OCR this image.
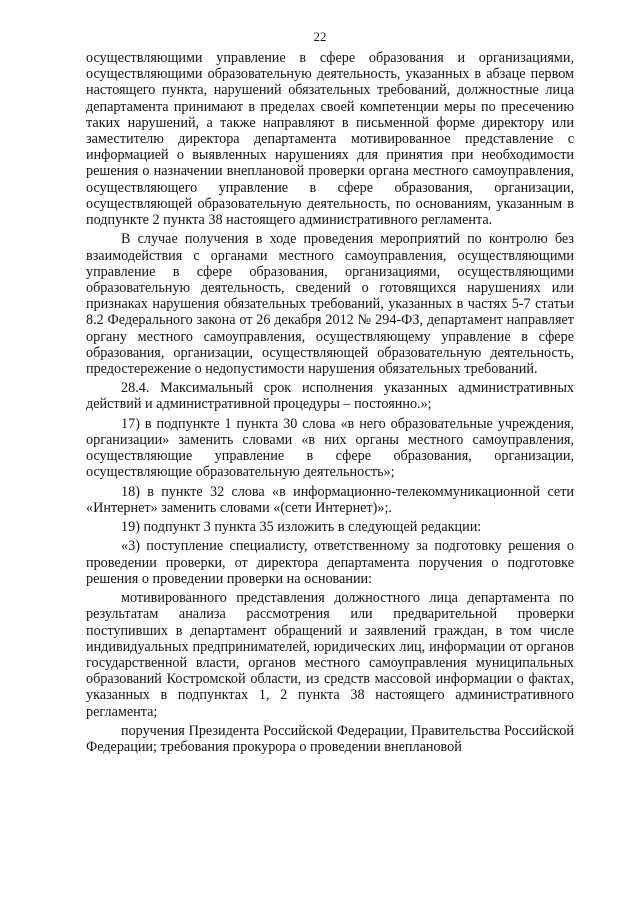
22

осуществляющими управление в сфере образования и организациями, осуществляющими образовательную деятельность, указанных в абзаце первом настоящего пункта, нарушений обязательных требований, должностные лица департамента принимают в пределах своей компетенции меры по пресечению таких нарушений, а также направляют в письменной форме директору или заместителю директора департамента мотивированное представление с информацией о выявленных нарушениях для принятия при необходимости решения о назначении внеплановой проверки органа местного самоуправления, осуществляющего управление в сфере образования, организации, осуществляющей образовательную деятельность, по основаниям, указанным в подпункте 2 пункта 38 настоящего административного регламента.

В случае получения в ходе проведения мероприятий по контролю без взаимодействия с органами местного самоуправления, осуществляющими управление в сфере образования, организациями, осуществляющими образовательную деятельность, сведений о готовящихся нарушениях или признаках нарушения обязательных требований, указанных в частях 5-7 статьи 8.2 Федерального закона от 26 декабря 2012 № 294-ФЗ, департамент направляет органу местного самоуправления, осуществляющему управление в сфере образования, организации, осуществляющей образовательную деятельность, предостережение о недопустимости нарушения обязательных требований.

28.4. Максимальный срок исполнения указанных административных действий и административной процедуры – постоянно.»;

17) в подпункте 1 пункта 30 слова «в него образовательные учреждения, организации» заменить словами «в них органы местного самоуправления, осуществляющие управление в сфере образования, организации, осуществляющие образовательную деятельность»;

18) в пункте 32 слова «в информационно-телекоммуникационной сети «Интернет» заменить словами «(сети Интернет)»;.

19) подпункт 3 пункта 35 изложить в следующей редакции:

«3) поступление специалисту, ответственному за подготовку решения о проведении проверки, от директора департамента поручения о подготовке решения о проведении проверки на основании:

мотивированного представления должностного лица департамента по результатам анализа рассмотрения или предварительной проверки поступивших в департамент обращений и заявлений граждан, в том числе индивидуальных предпринимателей, юридических лиц, информации от органов государственной власти, органов местного самоуправления муниципальных образований Костромской области, из средств массовой информации о фактах, указанных в подпунктах 1, 2 пункта 38 настоящего административного регламента;

поручения Президента Российской Федерации, Правительства Российской Федерации; требования прокурора о проведении внеплановой
